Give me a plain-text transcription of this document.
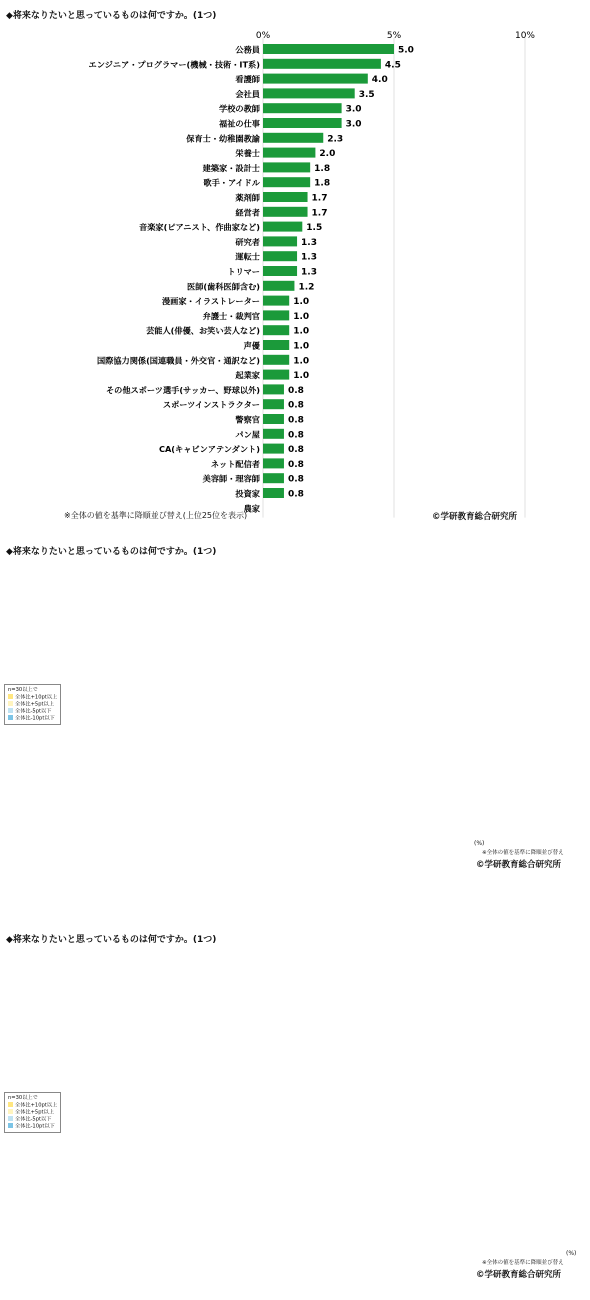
◆将来なりたいと思っているものは何ですか。(1つ)
0%	5%	10%
公務員	5.0
エンジニア・プログラマー(機械・技術・IT系)	4.5
看護師	4.0
会社員	3.5
学校の教師	3.0
福祉の仕事	3.0
保育士・幼稚園教諭	2.3
栄養士	2.0
建築家・設計士	1.8
歌手・アイドル	1.8
薬剤師	1.7
経営者	1.7
音楽家(ピアニスト、作曲家など)	1.5
研究者	1.3
運転士	1.3
トリマー	1.3
医師(歯科医師含む)	1.2
漫画家・イラストレーター	1.0
弁護士・裁判官	1.0
芸能人(俳優、お笑い芸人など)	1.0
声優	1.0
国際協力関係(国連職員・外交官・通訳など)	1.0
起業家	1.0
その他スポーツ選手(サッカー、野球以外)	0.8
スポーツインストラクター	0.8
警察官	0.8
パン屋	0.8
CA(キャビンアテンダント)	0.8
ネット配信者	0.8
美容師・理容師	0.8
投資家	0.8
農家
※全体の値を基準に降順並び替え(上位25位を表示)	©学研教育総合研究所
◆将来なりたいと思っているものは何ですか。(1つ)
n=30以上で
全体比+10pt以上
全体比+5pt以上
全体比-5pt以下
全体比-10pt以下
(%)
※全体の値を基準に降順並び替え
©学研教育総合研究所
◆将来なりたいと思っているものは何ですか。(1つ)
n=30以上で
全体比+10pt以上
全体比+5pt以上
全体比-5pt以下
全体比-10pt以下
(%)
※全体の値を基準に降順並び替え
©学研教育総合研究所
